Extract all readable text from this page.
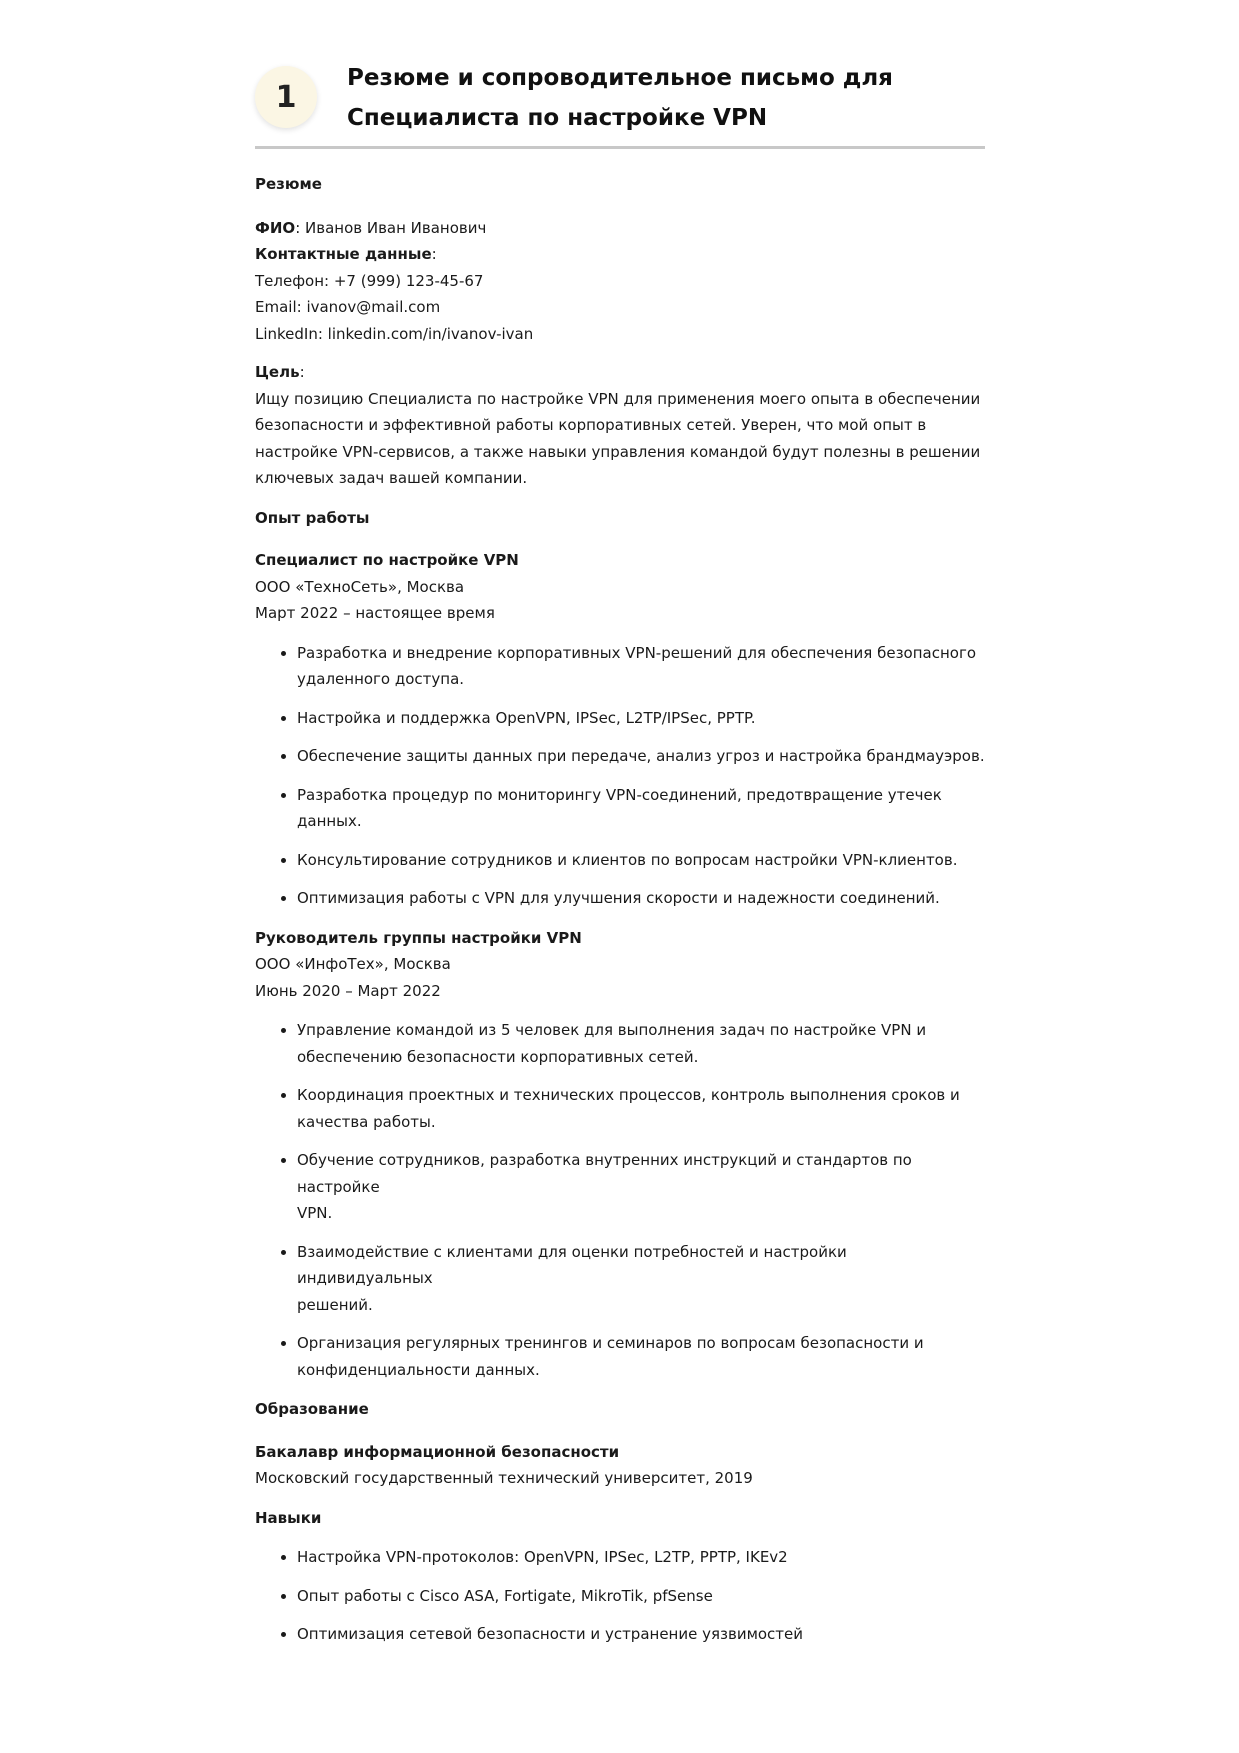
1
Резюме и сопроводительное письмо для
Специалиста по настройке VPN

Резюме

ФИО: Иванов Иван Иванович
Контактные данные:
Телефон: +7 (999) 123-45-67
Email: ivanov@mail.com
LinkedIn: linkedin.com/in/ivanov-ivan
Цель:
Ищу позицию Специалиста по настройке VPN для применения моего опыта в обеспечении
безопасности и эффективной работы корпоративных сетей. Уверен, что мой опыт в
настройке VPN-сервисов, а также навыки управления командой будут полезны в решении
ключевых задач вашей компании.

Опыт работы

Специалист по настройке VPN
ООО «ТехноСеть», Москва
Март 2022 – настоящее время
• Разработка и внедрение корпоративных VPN-решений для обеспечения безопасного
удаленного доступа.
• Настройка и поддержка OpenVPN, IPSec, L2TP/IPSec, PPTP.
• Обеспечение защиты данных при передаче, анализ угроз и настройка брандмауэров.
• Разработка процедур по мониторингу VPN-соединений, предотвращение утечек
данных.
• Консультирование сотрудников и клиентов по вопросам настройки VPN-клиентов.
• Оптимизация работы с VPN для улучшения скорости и надежности соединений.
Руководитель группы настройки VPN
ООО «ИнфоТех», Москва
Июнь 2020 – Март 2022
• Управление командой из 5 человек для выполнения задач по настройке VPN и
обеспечению безопасности корпоративных сетей.
• Координация проектных и технических процессов, контроль выполнения сроков и
качества работы.
• Обучение сотрудников, разработка внутренних инструкций и стандартов по настройке
VPN.
• Взаимодействие с клиентами для оценки потребностей и настройки индивидуальных
решений.
• Организация регулярных тренингов и семинаров по вопросам безопасности и
конфиденциальности данных.

Образование

Бакалавр информационной безопасности
Московский государственный технический университет, 2019

Навыки

• Настройка VPN-протоколов: OpenVPN, IPSec, L2TP, PPTP, IKEv2
• Опыт работы с Cisco ASA, Fortigate, MikroTik, pfSense
• Оптимизация сетевой безопасности и устранение уязвимостей
